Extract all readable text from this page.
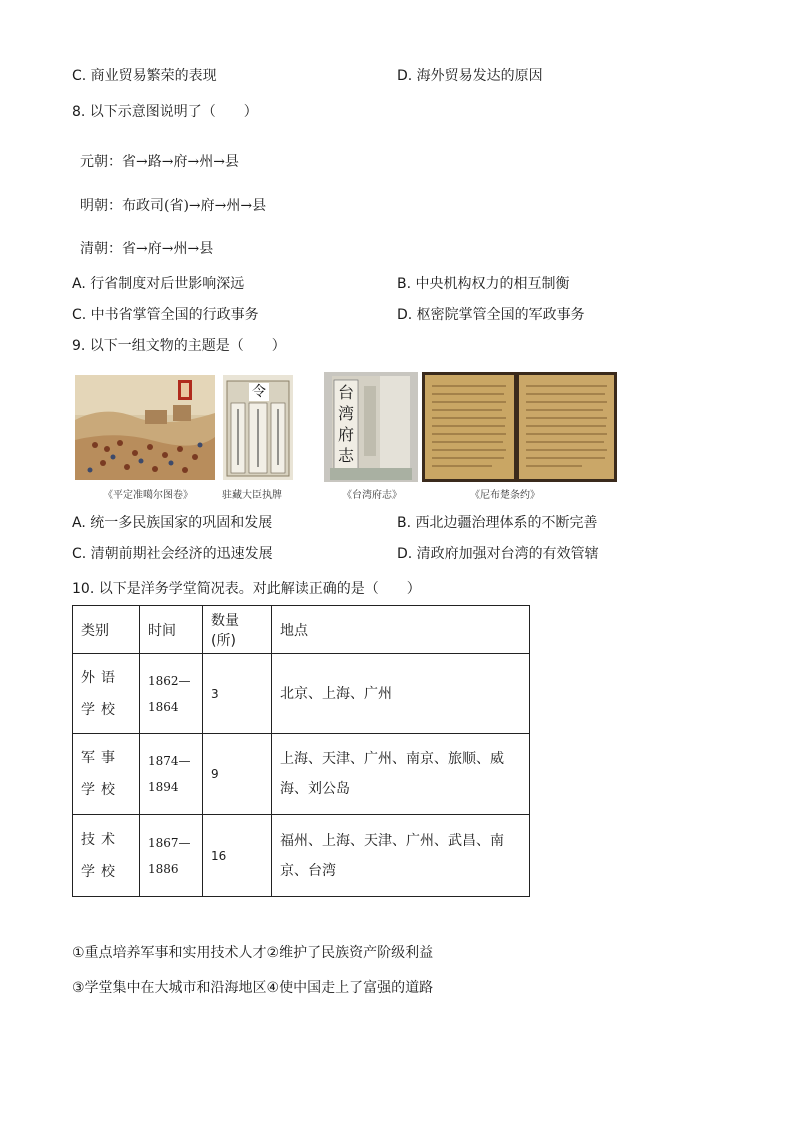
C. 商业贸易繁荣的表现	D. 海外贸易发达的原因
8. 以下示意图说明了（　　）
元朝：省→路→府→州→县
明朝：布政司(省)→府→州→县
清朝：省→府→州→县
A. 行省制度对后世影响深远	B. 中央机构权力的相互制衡
C. 中书省掌管全国的行政事务	D. 枢密院掌管全国的军政事务
9. 以下一组文物的主题是（　　）
《平定准噶尔图卷》
令
驻藏大臣执牌
台湾府志
《台湾府志》	《尼布楚条约》
A. 统一多民族国家的巩固和发展	B. 西北边疆治理体系的不断完善
C. 清朝前期社会经济的迅速发展	D. 清政府加强对台湾的有效管辖
10. 以下是洋务学堂简况表。对此解读正确的是（　　）
类别	时间	数量(所)	地点
外语学校	1862—
1864	3	北京、上海、广州
军事学校	1874—
1894	9	上海、天津、广州、南京、旅顺、威海、刘公岛
技术学校	1867—
1886	16	福州、上海、天津、广州、武昌、南京、台湾
①重点培养军事和实用技术人才②维护了民族资产阶级利益
③学堂集中在大城市和沿海地区④使中国走上了富强的道路
